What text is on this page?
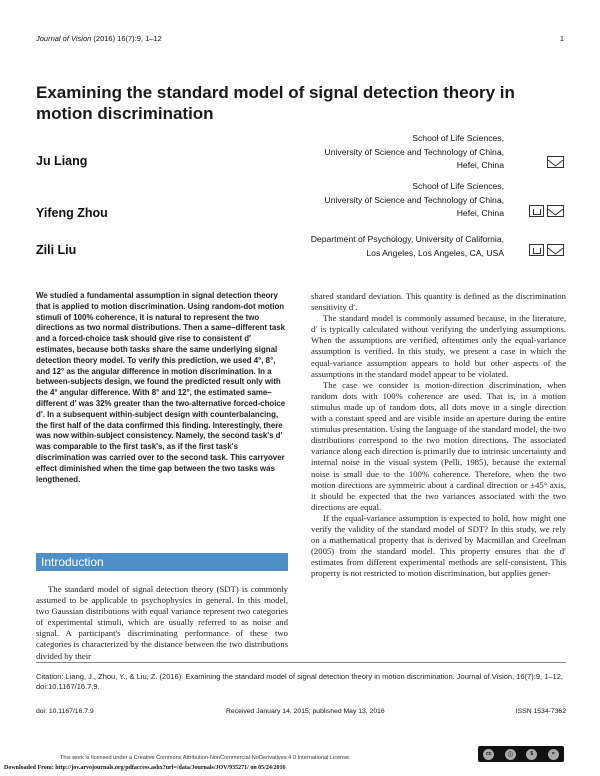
Journal of Vision (2016) 16(7):9, 1–12	1
Examining the standard model of signal detection theory in motion discrimination
Ju Liang
School of Life Sciences,
University of Science and Technology of China,
Hefei, China
Yifeng Zhou
School of Life Sciences,
University of Science and Technology of China,
Hefei, China
Zili Liu
Department of Psychology, University of California,
Los Angeles, Los Angeles, CA, USA
We studied a fundamental assumption in signal detection theory that is applied to motion discrimination. Using random-dot motion stimuli of 100% coherence, it is natural to represent the two directions as two normal distributions. Then a same–different task and a forced-choice task should give rise to consistent d′ estimates, because both tasks share the same underlying signal detection theory model. To verify this prediction, we used 4°, 8°, and 12° as the angular difference in motion discrimination. In a between-subjects design, we found the predicted result only with the 4° angular difference. With 8° and 12°, the estimated same–different d′ was 32% greater than the two-alternative forced-choice d′. In a subsequent within-subject design with counterbalancing, the first half of the data confirmed this finding. Interestingly, there was now within-subject consistency. Namely, the second task's d′ was comparable to the first task's, as if the first task's discrimination was carried over to the second task. This carryover effect diminished when the time gap between the two tasks was lengthened.
Introduction

The standard model of signal detection theory (SDT) is commonly assumed to be applicable to psychophysics in general. In this model, two Gaussian distributions with equal variance represent two categories of experimental stimuli, which are usually referred to as noise and signal. A participant's discriminating performance of these two categories is characterized by the distance between the two distributions divided by their

shared standard deviation. This quantity is defined as the discrimination sensitivity d′.

The standard model is commonly assumed because, in the literature, d′ is typically calculated without verifying the underlying assumptions. When the assumptions are verified, oftentimes only the equal-variance assumption is verified. In this study, we present a case in which the equal-variance assumption appears to hold but other aspects of the assumptions in the standard model appear to be violated.

The case we consider is motion-direction discrimination, when random dots with 100% coherence are used. That is, in a motion stimulus made up of random dots, all dots move in a single direction with a constant speed and are visible inside an aperture during the entire stimulus presentation. Using the language of the standard model, the two distributions correspond to the two motion directions. The associated variance along each direction is primarily due to intrinsic uncertainty and internal noise in the visual system (Pelli, 1985), because the external noise is small due to the 100% coherence. Therefore, when the two motion directions are symmetric about a cardinal direction or ±45° axis, it should be expected that the two variances associated with the two directions are equal.

If the equal-variance assumption is expected to hold, how might one verify the validity of the standard model of SDT? In this study, we rely on a mathematical property that is derived by Macmillan and Creelman (2005) from the standard model. This property ensures that the d′ estimates from different experimental methods are self-consistent. This property is not restricted to motion discrimination, but applies gener-

Citation: Liang, J., Zhou, Y., & Liu, Z. (2016). Examining the standard model of signal detection theory in motion discrimination. Journal of Vision, 16(7):9, 1–12, doi:10.1167/16.7.9.
doi: 10.1167/16.7.9	Received January 14, 2015; published May 13, 2016	ISSN 1534-7362
This work is licensed under a Creative Commons Attribution-NonCommercial-NoDerivatives 4.0 International License.
cc	ⓘ	$	=
Downloaded From: http://jov.arvojournals.org/pdfaccess.ashx?url=/data/Journals/JOV/935271/ on 05/24/2016
